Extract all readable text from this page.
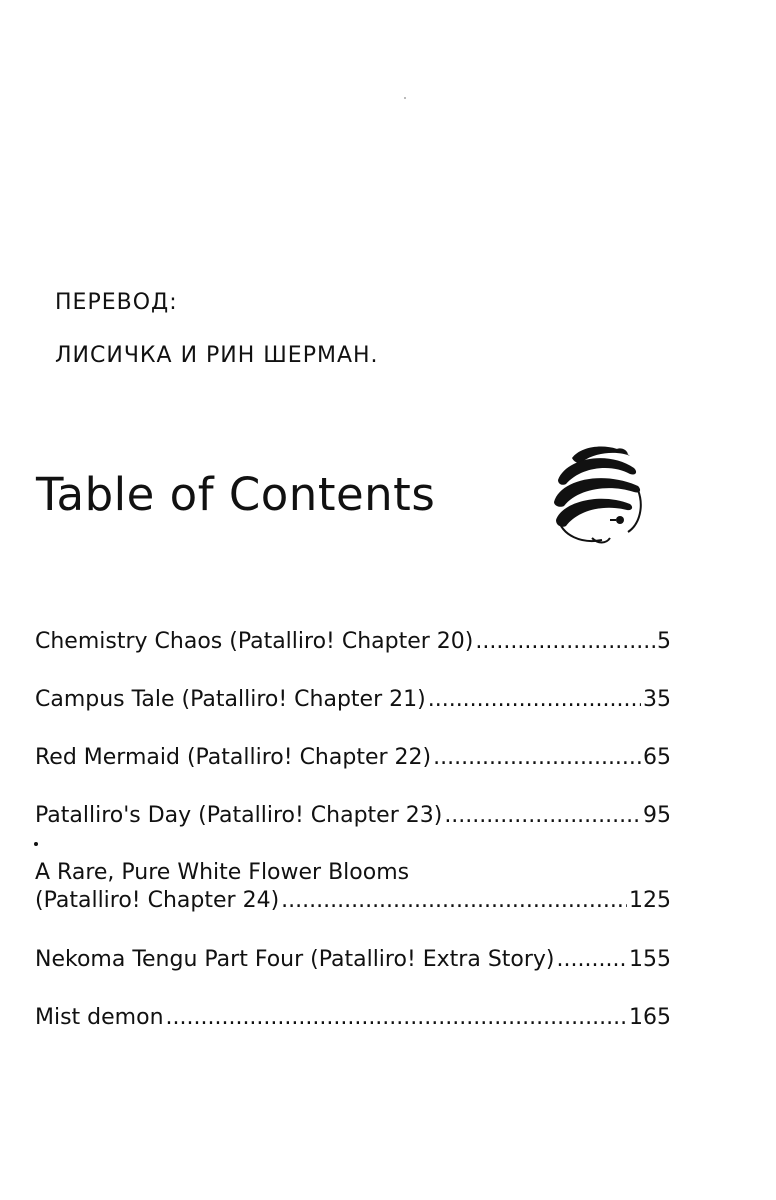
ПЕРЕВОД:
ЛИСИЧКА И РИН ШЕРМАН.
Table of Contents
Chemistry Chaos (Patalliro! Chapter 20) .....	5
Campus Tale (Patalliro! Chapter 21) .....	35
Red Mermaid (Patalliro! Chapter 22) .....	65
Patalliro's Day (Patalliro! Chapter 23) .....	95
A Rare, Pure White Flower Blooms
(Patalliro! Chapter 24) .....	125
Nekoma Tengu Part Four (Patalliro! Extra Story) .....	155
Mist demon .....	165
